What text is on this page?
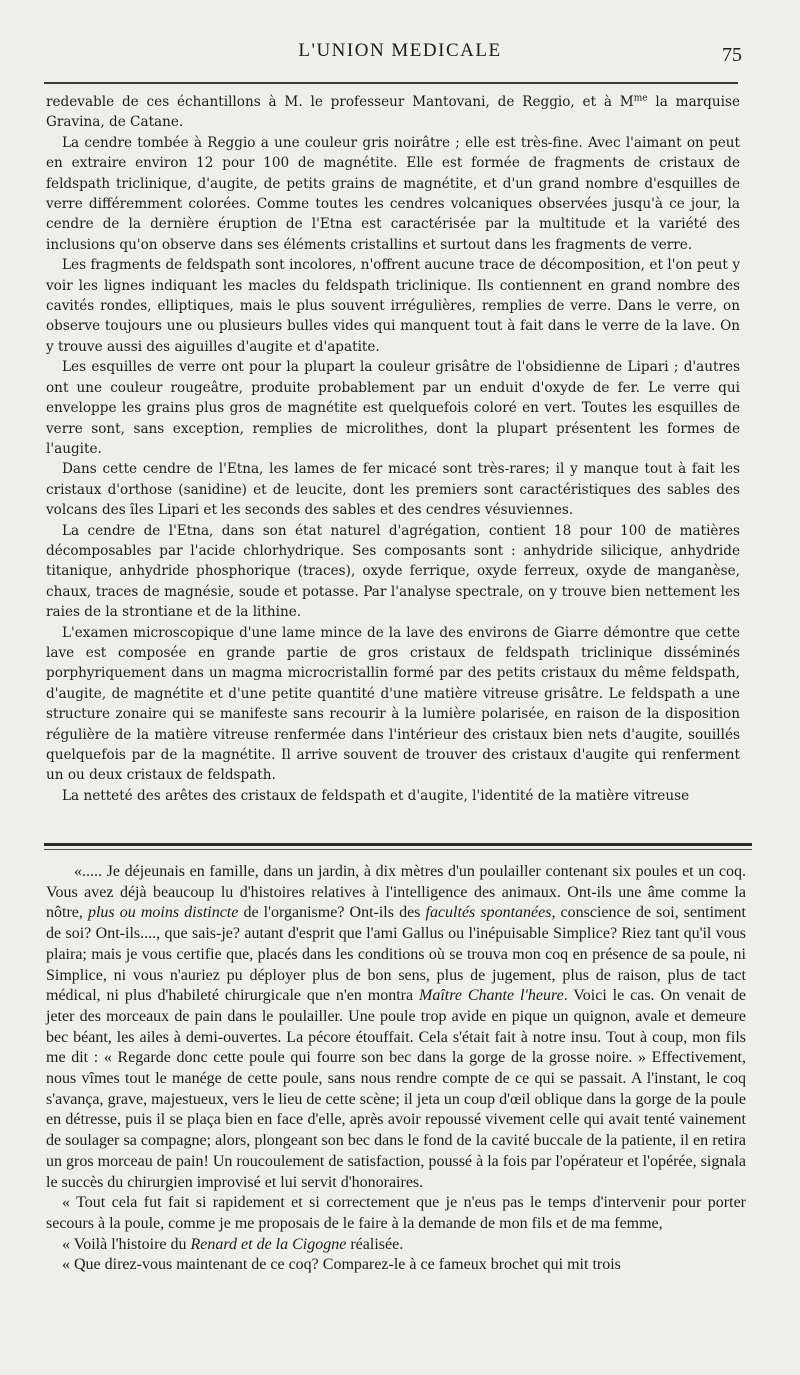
L'UNION MEDICALE	75

redevable de ces échantillons à M. le professeur Mantovani, de Reggio, et à $M^{me}$ la marquise Gravina, de Catane.

La cendre tombée à Reggio a une couleur gris noirâtre ; elle est très-fine. Avec l'aimant on peut en extraire environ 12 pour 100 de magnétite. Elle est formée de fragments de cristaux de feldspath triclinique, d'augite, de petits grains de magnétite, et d'un grand nombre d'esquilles de verre différemment colorées. Comme toutes les cendres volcaniques observées jusqu'à ce jour, la cendre de la dernière éruption de l'Etna est caractérisée par la multitude et la variété des inclusions qu'on observe dans ses éléments cristallins et surtout dans les fragments de verre.

Les fragments de feldspath sont incolores, n'offrent aucune trace de décomposition, et l'on peut y voir les lignes indiquant les macles du feldspath triclinique. Ils contiennent en grand nombre des cavités rondes, elliptiques, mais le plus souvent irrégulières, remplies de verre. Dans le verre, on observe toujours une ou plusieurs bulles vides qui manquent tout à fait dans le verre de la lave. On y trouve aussi des aiguilles d'augite et d'apatite.

Les esquilles de verre ont pour la plupart la couleur grisâtre de l'obsidienne de Lipari ; d'autres ont une couleur rougeâtre, produite probablement par un enduit d'oxyde de fer. Le verre qui enveloppe les grains plus gros de magnétite est quelquefois coloré en vert. Toutes les esquilles de verre sont, sans exception, remplies de microlithes, dont la plupart présentent les formes de l'augite.

Dans cette cendre de l'Etna, les lames de fer micacé sont très-rares; il y manque tout à fait les cristaux d'orthose (sanidine) et de leucite, dont les premiers sont caractéristiques des sables des volcans des îles Lipari et les seconds des sables et des cendres vésuviennes.

La cendre de l'Etna, dans son état naturel d'agrégation, contient 18 pour 100 de matières décomposables par l'acide chlorhydrique. Ses composants sont : anhydride silicique, anhydride titanique, anhydride phosphorique (traces), oxyde ferrique, oxyde ferreux, oxyde de manganèse, chaux, traces de magnésie, soude et potasse. Par l'analyse spectrale, on y trouve bien nettement les raies de la strontiane et de la lithine.

L'examen microscopique d'une lame mince de la lave des environs de Giarre démontre que cette lave est composée en grande partie de gros cristaux de feldspath triclinique disséminés porphyriquement dans un magma microcristallin formé par des petits cristaux du même feldspath, d'augite, de magnétite et d'une petite quantité d'une matière vitreuse grisâtre. Le feldspath a une structure zonaire qui se manifeste sans recourir à la lumière polarisée, en raison de la disposition régulière de la matière vitreuse renfermée dans l'intérieur des cristaux bien nets d'augite, souillés quelquefois par de la magnétite. Il arrive souvent de trouver des cristaux d'augite qui renferment un ou deux cristaux de feldspath.

La netteté des arêtes des cristaux de feldspath et d'augite, l'identité de la matière vitreuse

«..... Je déjeunais en famille, dans un jardin, à dix mètres d'un poulailler contenant six poules et un coq. Vous avez déjà beaucoup lu d'histoires relatives à l'intelligence des animaux. Ont-ils une âme comme la nôtre, plus ou moins distincte de l'organisme? Ont-ils des facultés spontanées, conscience de soi, sentiment de soi? Ont-ils...., que sais-je? autant d'esprit que l'ami Gallus ou l'inépuisable Simplice? Riez tant qu'il vous plaira; mais je vous certifie que, placés dans les conditions où se trouva mon coq en présence de sa poule, ni Simplice, ni vous n'auriez pu déployer plus de bon sens, plus de jugement, plus de raison, plus de tact médical, ni plus d'habileté chirurgicale que n'en montra Maître Chante l'heure. Voici le cas. On venait de jeter des morceaux de pain dans le poulailler. Une poule trop avide en pique un quignon, avale et demeure bec béant, les ailes à demi-ouvertes. La pécore étouffait. Cela s'était fait à notre insu. Tout à coup, mon fils me dit : « Regarde donc cette poule qui fourre son bec dans la gorge de la grosse noire. » Effectivement, nous vîmes tout le manége de cette poule, sans nous rendre compte de ce qui se passait. A l'instant, le coq s'avança, grave, majestueux, vers le lieu de cette scène; il jeta un coup d'œil oblique dans la gorge de la poule en détresse, puis il se plaça bien en face d'elle, après avoir repoussé vivement celle qui avait tenté vainement de soulager sa compagne; alors, plongeant son bec dans le fond de la cavité buccale de la patiente, il en retira un gros morceau de pain! Un roucoulement de satisfaction, poussé à la fois par l'opérateur et l'opérée, signala le succès du chirurgien improvisé et lui servit d'honoraires.

« Tout cela fut fait si rapidement et si correctement que je n'eus pas le temps d'intervenir pour porter secours à la poule, comme je me proposais de le faire à la demande de mon fils et de ma femme,

« Voilà l'histoire du Renard et de la Cigogne réalisée.

« Que direz-vous maintenant de ce coq? Comparez-le à ce fameux brochet qui mit trois
